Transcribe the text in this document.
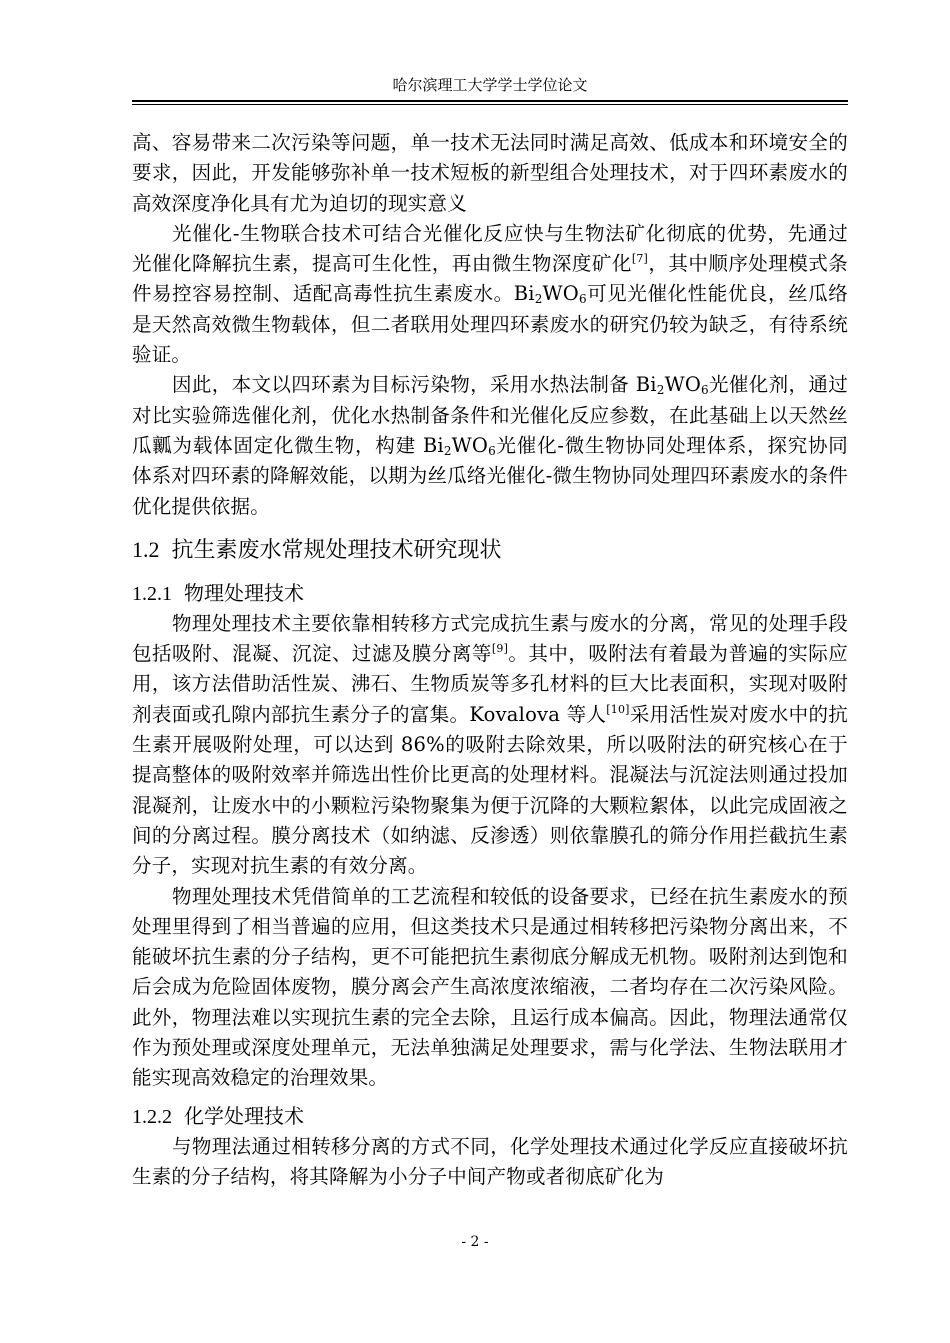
哈尔滨理工大学学士学位论文

高、容易带来二次污染等问题，单一技术无法同时满足高效、低成本和环境安全的要求，因此，开发能够弥补单一技术短板的新型组合处理技术，对于四环素废水的高效深度净化具有尤为迫切的现实意义

光催化-生物联合技术可结合光催化反应快与生物法矿化彻底的优势，先通过光催化降解抗生素，提高可生化性，再由微生物深度矿化[7]，其中顺序处理模式条件易控容易控制、适配高毒性抗生素废水。$Bi_2WO_6$可见光催化性能优良，丝瓜络是天然高效微生物载体，但二者联用处理四环素废水的研究仍较为缺乏，有待系统验证。

因此，本文以四环素为目标污染物，采用水热法制备 $Bi_2WO_6$光催化剂，通过对比实验筛选催化剂，优化水热制备条件和光催化反应参数，在此基础上以天然丝瓜瓤为载体固定化微生物，构建 $Bi_2WO_6$光催化-微生物协同处理体系，探究协同体系对四环素的降解效能，以期为丝瓜络光催化-微生物协同处理四环素废水的条件优化提供依据。

1.2 抗生素废水常规处理技术研究现状
1.2.1 物理处理技术

物理处理技术主要依靠相转移方式完成抗生素与废水的分离，常见的处理手段包括吸附、混凝、沉淀、过滤及膜分离等[9]。其中，吸附法有着最为普遍的实际应用，该方法借助活性炭、沸石、生物质炭等多孔材料的巨大比表面积，实现对吸附剂表面或孔隙内部抗生素分子的富集。Kovalova 等人[10]采用活性炭对废水中的抗生素开展吸附处理，可以达到 86%的吸附去除效果，所以吸附法的研究核心在于提高整体的吸附效率并筛选出性价比更高的处理材料。混凝法与沉淀法则通过投加混凝剂，让废水中的小颗粒污染物聚集为便于沉降的大颗粒絮体，以此完成固液之间的分离过程。膜分离技术（如纳滤、反渗透）则依靠膜孔的筛分作用拦截抗生素分子，实现对抗生素的有效分离。

物理处理技术凭借简单的工艺流程和较低的设备要求，已经在抗生素废水的预处理里得到了相当普遍的应用，但这类技术只是通过相转移把污染物分离出来，不能破坏抗生素的分子结构，更不可能把抗生素彻底分解成无机物。吸附剂达到饱和后会成为危险固体废物，膜分离会产生高浓度浓缩液，二者均存在二次污染风险。此外，物理法难以实现抗生素的完全去除，且运行成本偏高。因此，物理法通常仅作为预处理或深度处理单元，无法单独满足处理要求，需与化学法、生物法联用才能实现高效稳定的治理效果。

1.2.2 化学处理技术

与物理法通过相转移分离的方式不同，化学处理技术通过化学反应直接破坏抗生素的分子结构，将其降解为小分子中间产物或者彻底矿化为

- 2 -
